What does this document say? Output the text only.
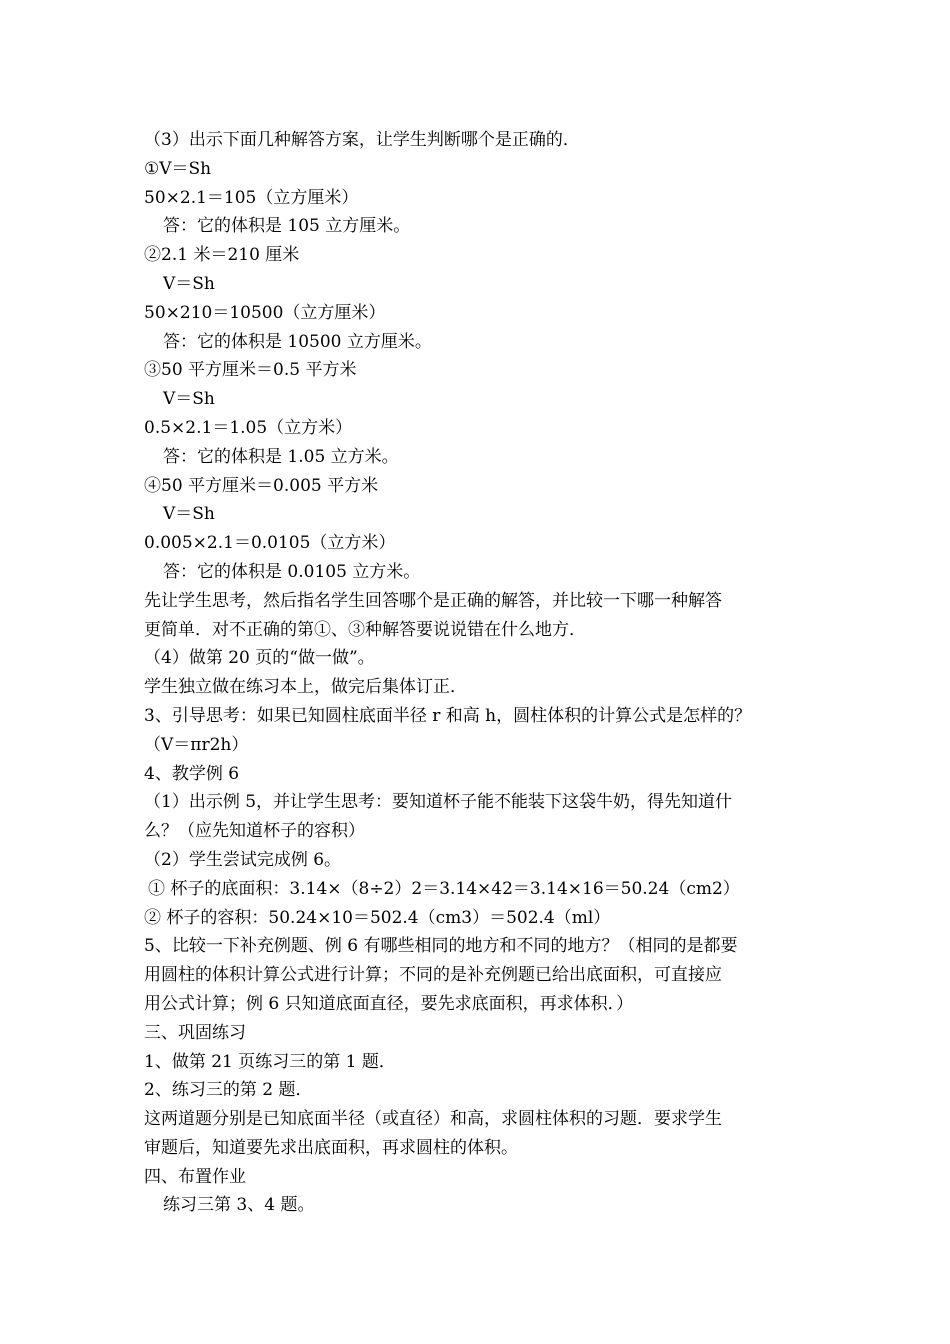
（3）出示下面几种解答方案，让学生判断哪个是正确的．
①V＝Sh
50×2.1＝105（立方厘米）
答：它的体积是 105 立方厘米。
②2.1 米＝210 厘米
V＝Sh
50×210＝10500（立方厘米）
答：它的体积是 10500 立方厘米。
③50 平方厘米＝0.5 平方米
V＝Sh
0.5×2.1＝1.05（立方米）
答：它的体积是 1.05 立方米。
④50 平方厘米＝0.005 平方米
V＝Sh
0.005×2.1＝0.0105（立方米）
答：它的体积是 0.0105 立方米。
先让学生思考，然后指名学生回答哪个是正确的解答，并比较一下哪一种解答
更简单．对不正确的第①、③种解答要说说错在什么地方．
（4）做第 20 页的“做一做”。
学生独立做在练习本上，做完后集体订正．
3、引导思考：如果已知圆柱底面半径 r 和高 h，圆柱体积的计算公式是怎样的？
（V＝πr2h）
4、教学例 6
（1）出示例 5，并让学生思考：要知道杯子能不能装下这袋牛奶，得先知道什
么？（应先知道杯子的容积）
（2）学生尝试完成例 6。
① 杯子的底面积：3.14×（8÷2）2＝3.14×42＝3.14×16＝50.24（cm2）
② 杯子的容积：50.24×10＝502.4（cm3）＝502.4（ml）
5、比较一下补充例题、例 6 有哪些相同的地方和不同的地方？（相同的是都要
用圆柱的体积计算公式进行计算；不同的是补充例题已给出底面积，可直接应
用公式计算；例 6 只知道底面直径，要先求底面积，再求体积．）
三、巩固练习
1、做第 21 页练习三的第 1 题．
2、练习三的第 2 题．
这两道题分别是已知底面半径（或直径）和高，求圆柱体积的习题．要求学生
审题后，知道要先求出底面积，再求圆柱的体积。
四、布置作业
练习三第 3、4 题。
